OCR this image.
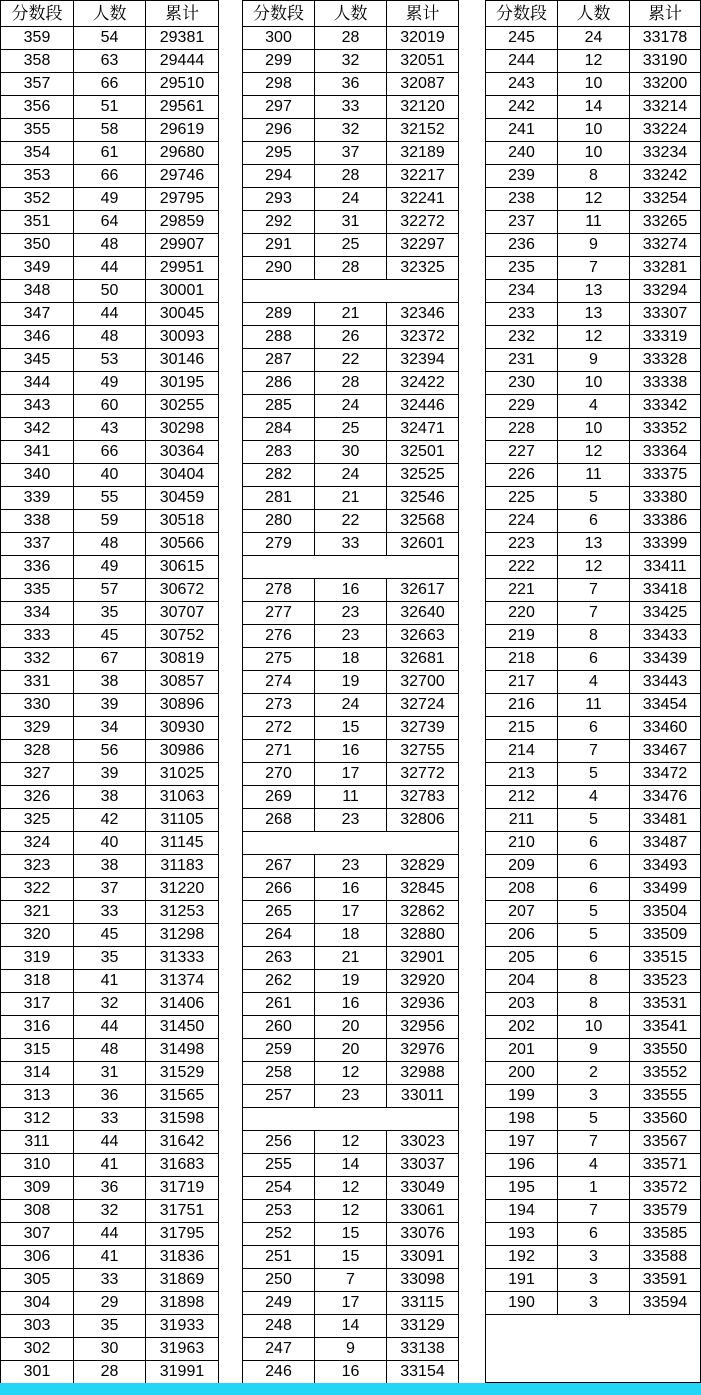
分数段	人数	累计
359	54	29381
358	63	29444
357	66	29510
356	51	29561
355	58	29619
354	61	29680
353	66	29746
352	49	29795
351	64	29859
350	48	29907
349	44	29951
348	50	30001
347	44	30045
346	48	30093
345	53	30146
344	49	30195
343	60	30255
342	43	30298
341	66	30364
340	40	30404
339	55	30459
338	59	30518
337	48	30566
336	49	30615
335	57	30672
334	35	30707
333	45	30752
332	67	30819
331	38	30857
330	39	30896
329	34	30930
328	56	30986
327	39	31025
326	38	31063
325	42	31105
324	40	31145
323	38	31183
322	37	31220
321	33	31253
320	45	31298
319	35	31333
318	41	31374
317	32	31406
316	44	31450
315	48	31498
314	31	31529
313	36	31565
312	33	31598
311	44	31642
310	41	31683
309	36	31719
308	32	31751
307	44	31795
306	41	31836
305	33	31869
304	29	31898
303	35	31933
302	30	31963
301	28	31991
分数段	人数	累计
300	28	32019
299	32	32051
298	36	32087
297	33	32120
296	32	32152
295	37	32189
294	28	32217
293	24	32241
292	31	32272
291	25	32297
290	28	32325
289	21	32346
288	26	32372
287	22	32394
286	28	32422
285	24	32446
284	25	32471
283	30	32501
282	24	32525
281	21	32546
280	22	32568
279	33	32601
278	16	32617
277	23	32640
276	23	32663
275	18	32681
274	19	32700
273	24	32724
272	15	32739
271	16	32755
270	17	32772
269	11	32783
268	23	32806
267	23	32829
266	16	32845
265	17	32862
264	18	32880
263	21	32901
262	19	32920
261	16	32936
260	20	32956
259	20	32976
258	12	32988
257	23	33011
256	12	33023
255	14	33037
254	12	33049
253	12	33061
252	15	33076
251	15	33091
250	7	33098
249	17	33115
248	14	33129
247	9	33138
246	16	33154
分数段	人数	累计
245	24	33178
244	12	33190
243	10	33200
242	14	33214
241	10	33224
240	10	33234
239	8	33242
238	12	33254
237	11	33265
236	9	33274
235	7	33281
234	13	33294
233	13	33307
232	12	33319
231	9	33328
230	10	33338
229	4	33342
228	10	33352
227	12	33364
226	11	33375
225	5	33380
224	6	33386
223	13	33399
222	12	33411
221	7	33418
220	7	33425
219	8	33433
218	6	33439
217	4	33443
216	11	33454
215	6	33460
214	7	33467
213	5	33472
212	4	33476
211	5	33481
210	6	33487
209	6	33493
208	6	33499
207	5	33504
206	5	33509
205	6	33515
204	8	33523
203	8	33531
202	10	33541
201	9	33550
200	2	33552
199	3	33555
198	5	33560
197	7	33567
196	4	33571
195	1	33572
194	7	33579
193	6	33585
192	3	33588
191	3	33591
190	3	33594
